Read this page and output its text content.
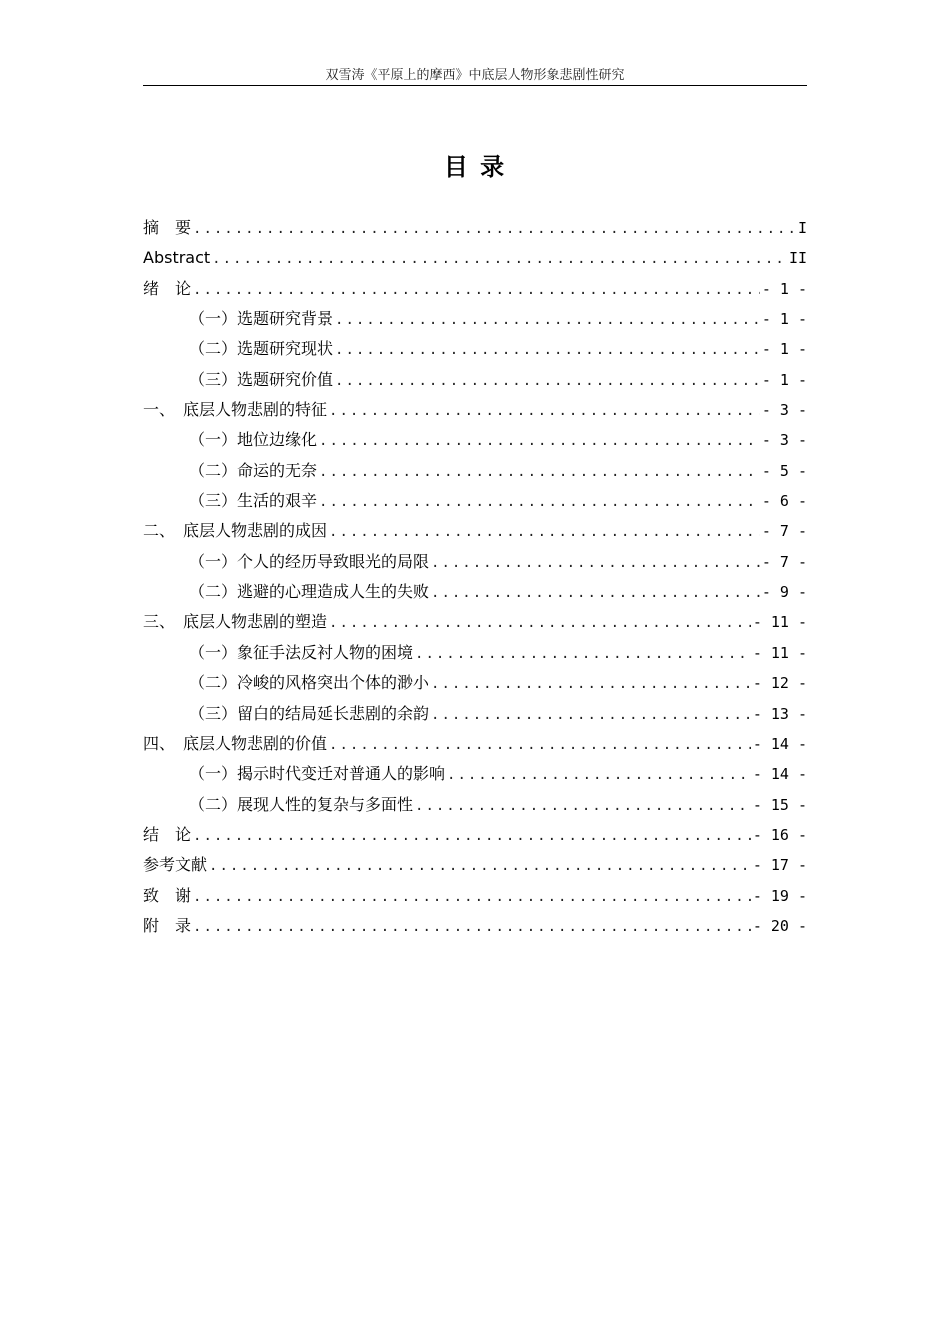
双雪涛《平原上的摩西》中底层人物形象悲剧性研究
目 录
摘　要 .....	I
Abstract .....	II
绪　论 .....	- 1 -
（一）选题研究背景 .....	- 1 -
（二）选题研究现状 .....	- 1 -
（三）选题研究价值 .....	- 1 -
一、　底层人物悲剧的特征 .....	- 3 -
（一）地位边缘化 .....	- 3 -
（二）命运的无奈 .....	- 5 -
（三）生活的艰辛 .....	- 6 -
二、　底层人物悲剧的成因 .....	- 7 -
（一）个人的经历导致眼光的局限 .....	- 7 -
（二）逃避的心理造成人生的失败 .....	- 9 -
三、　底层人物悲剧的塑造 .....	- 11 -
（一）象征手法反衬人物的困境 .....	- 11 -
（二）冷峻的风格突出个体的渺小 .....	- 12 -
（三）留白的结局延长悲剧的余韵 .....	- 13 -
四、　底层人物悲剧的价值 .....	- 14 -
（一）揭示时代变迁对普通人的影响 .....	- 14 -
（二）展现人性的复杂与多面性 .....	- 15 -
结　论 .....	- 16 -
参考文献 .....	- 17 -
致　谢 .....	- 19 -
附　录 .....	- 20 -
